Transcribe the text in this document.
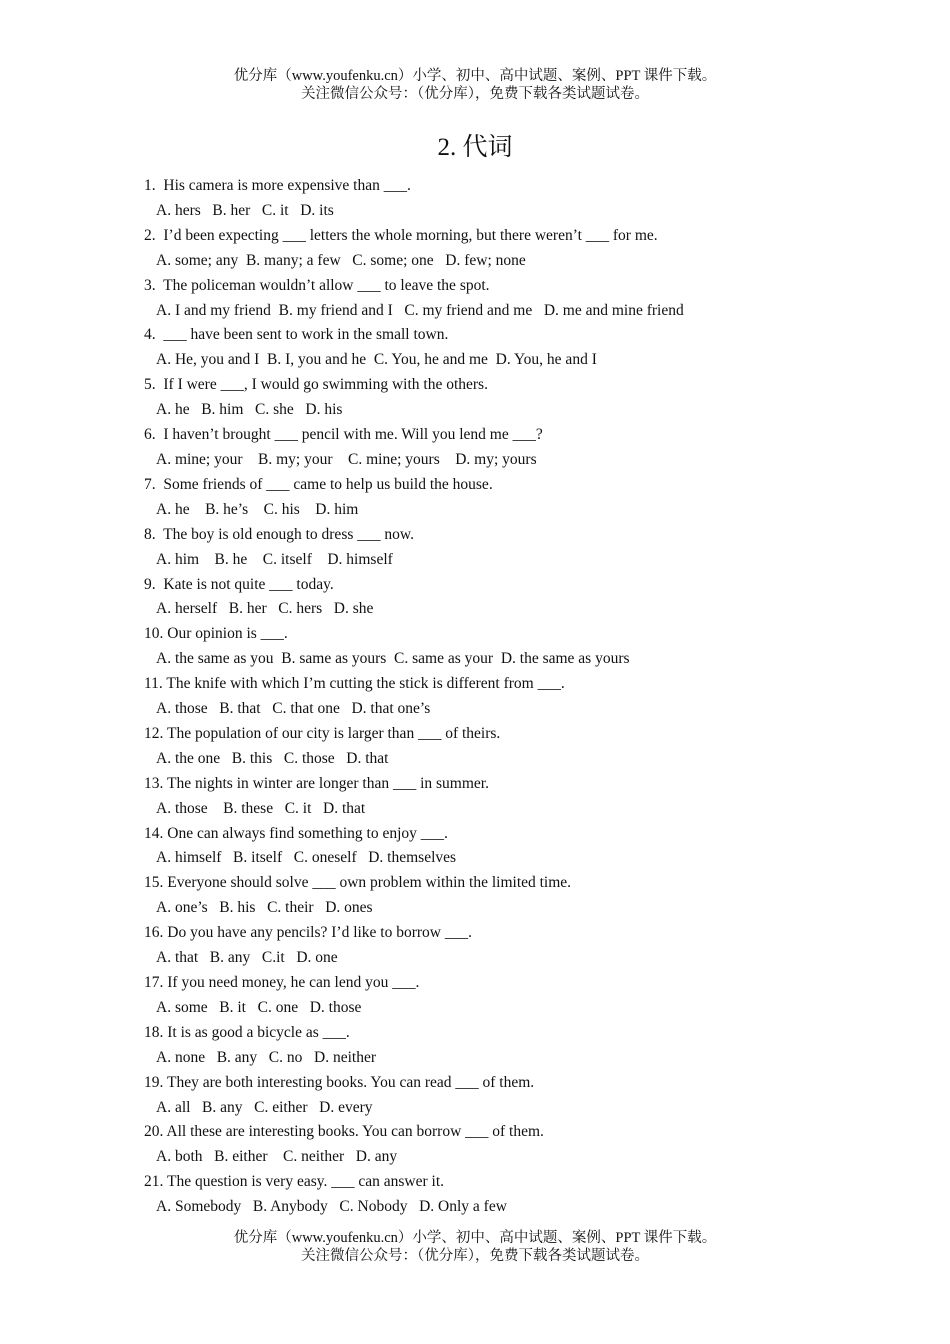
优分库（www.youfenku.cn）小学、初中、高中试题、案例、PPT 课件下载。
关注微信公众号：（优分库），免费下载各类试题试卷。
2. 代词
1.  His camera is more expensive than ___.
A. hers   B. her   C. it   D. its
2.  I’d been expecting ___ letters the whole morning, but there weren’t ___ for me.
A. some; any  B. many; a few   C. some; one   D. few; none
3.  The policeman wouldn’t allow ___ to leave the spot.
A. I and my friend  B. my friend and I   C. my friend and me   D. me and mine friend
4.  ___ have been sent to work in the small town.
A. He, you and I  B. I, you and he  C. You, he and me  D. You, he and I
5.  If I were ___, I would go swimming with the others.
A. he   B. him   C. she   D. his
6.  I haven’t brought ___ pencil with me. Will you lend me ___?
A. mine; your    B. my; your    C. mine; yours    D. my; yours
7.  Some friends of ___ came to help us build the house.
A. he    B. he’s    C. his    D. him
8.  The boy is old enough to dress ___ now.
A. him    B. he    C. itself    D. himself
9.  Kate is not quite ___ today.
A. herself   B. her   C. hers   D. she
10. Our opinion is ___.
A. the same as you  B. same as yours  C. same as your  D. the same as yours
11. The knife with which I’m cutting the stick is different from ___.
A. those   B. that   C. that one   D. that one’s
12. The population of our city is larger than ___ of theirs.
A. the one   B. this   C. those   D. that
13. The nights in winter are longer than ___ in summer.
A. those    B. these   C. it   D. that
14. One can always find something to enjoy ___.
A. himself   B. itself   C. oneself   D. themselves
15. Everyone should solve ___ own problem within the limited time.
A. one’s   B. his   C. their   D. ones
16. Do you have any pencils? I’d like to borrow ___.
A. that   B. any   C.it   D. one
17. If you need money, he can lend you ___.
A. some   B. it   C. one   D. those
18. It is as good a bicycle as ___.
A. none   B. any   C. no   D. neither
19. They are both interesting books. You can read ___ of them.
A. all   B. any   C. either   D. every
20. All these are interesting books. You can borrow ___ of them.
A. both   B. either    C. neither   D. any
21. The question is very easy. ___ can answer it.
A. Somebody   B. Anybody   C. Nobody   D. Only a few
优分库（www.youfenku.cn）小学、初中、高中试题、案例、PPT 课件下载。
关注微信公众号：（优分库），免费下载各类试题试卷。
